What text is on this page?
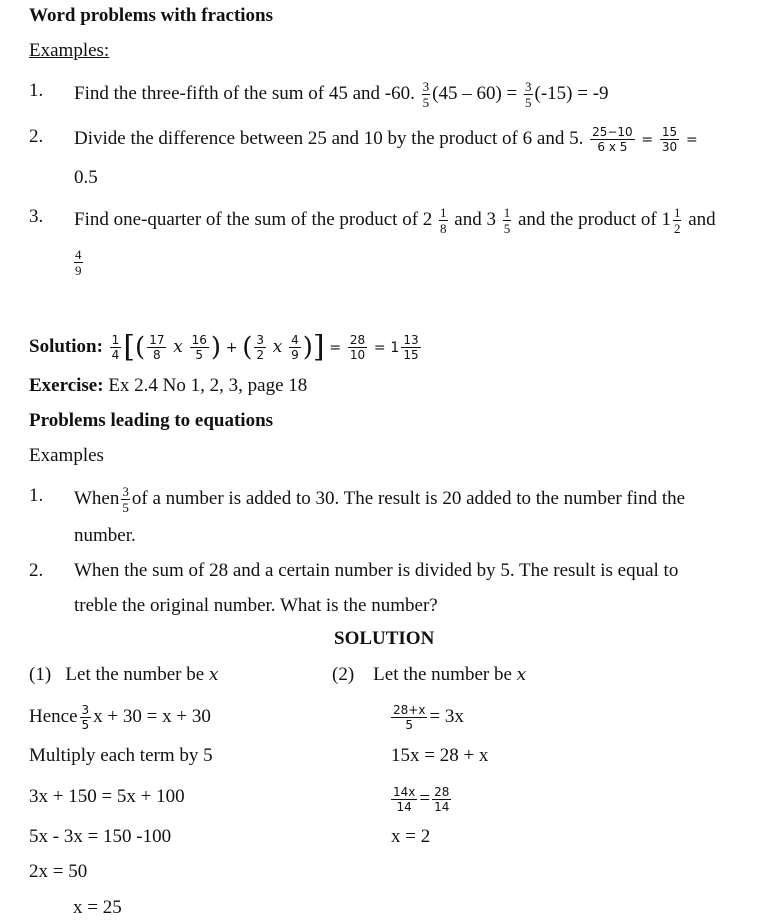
Word problems with fractions
Examples:
1. Find the three-fifth of the sum of 45 and -60. $\frac{3}{5} (45 - 60) = \frac{3}{5} (-15) = -9$
2. Divide the difference between 25 and 10 by the product of 6 and 5. $\frac{25-10}{6 x 5} = \frac{15}{30}$ =
0.5
3. Find one-quarter of the sum of the product of $2 \frac{1}{8}$ and $3 \frac{1}{5}$ and the product of $1 \frac{1}{2}$ and
$\frac{4}{9}$
Solution: $\frac{1}{4}$ [( $\frac{17}{8}$ x $\frac{16}{5}$ ) + ( $\frac{3}{2}$ x $\frac{4}{9}$ )] = $\frac{28}{10} = 1 \frac{13}{15}$
Exercise: Ex 2.4 No 1, 2, 3, page 18
Problems leading to equations
Examples
1. When $\frac{3}{5}$ of a number is added to 30. The result is 20 added to the number find the
number.
2. When the sum of 28 and a certain number is divided by 5. The result is equal to
treble the original number. What is the number?
SOLUTION
(1) Let the number be x
Hence $\frac{3}{5}$ x + 30 = x + 30
Multiply each term by 5
3x + 150 = 5x + 100
5x - 3x = 150 -100
2x = 50
x = 25
(2) Let the number be x
$\frac{28+x}{5} = 3x$
15x = 28 + x
$\frac{14x}{14} = \frac{28}{14}$
x = 2
